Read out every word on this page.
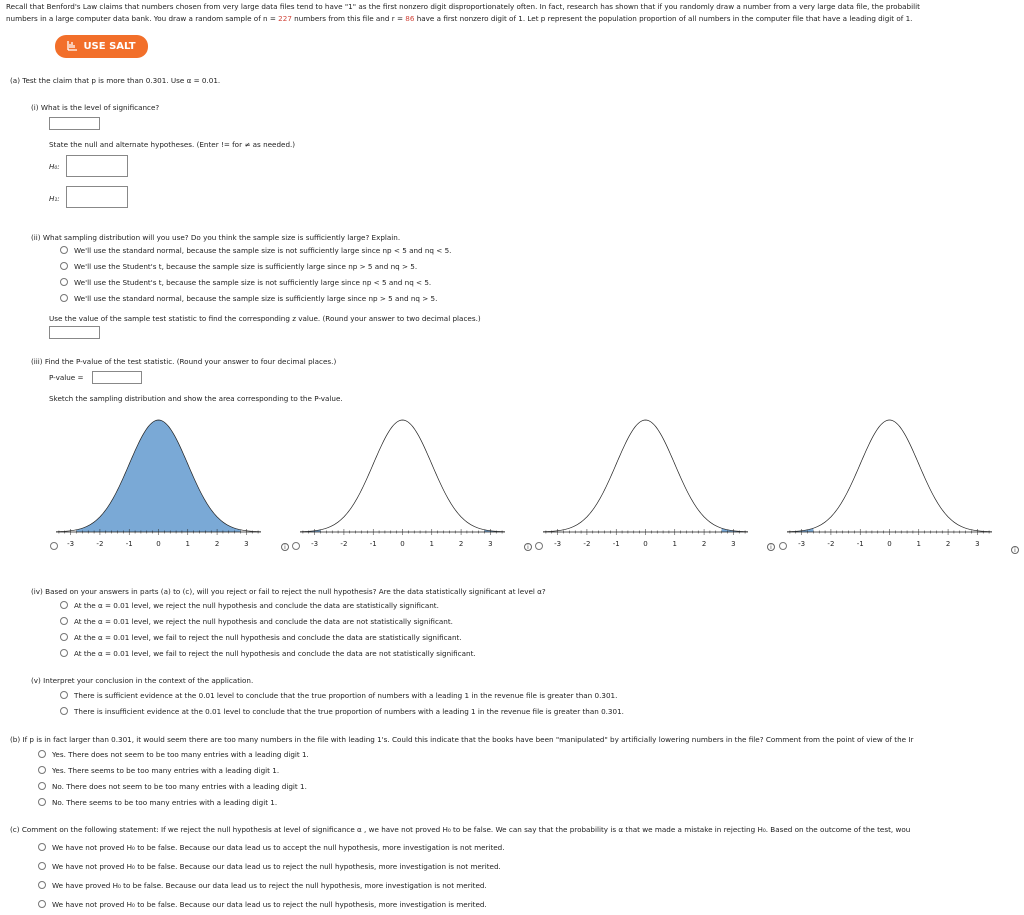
Recall that Benford's Law claims that numbers chosen from very large data files tend to have "1" as the first nonzero digit disproportionately often. In fact, research has shown that if you randomly draw a number from a very large data file, the probabilit
numbers in a large computer data bank. You draw a random sample of n = 227 numbers from this file and r = 86 have a first nonzero digit of 1. Let p represent the population proportion of all numbers in the computer file that have a leading digit of 1.
USE SALT
(a) Test the claim that p is more than 0.301. Use α = 0.01.
(i) What is the level of significance?
State the null and alternate hypotheses. (Enter != for ≠ as needed.)
H₀:
H₁:
(ii) What sampling distribution will you use? Do you think the sample size is sufficiently large? Explain.
We'll use the standard normal, because the sample size is not sufficiently large since np < 5 and nq < 5.
We'll use the Student's t, because the sample size is sufficiently large since np > 5 and nq > 5.
We'll use the Student's t, because the sample size is not sufficiently large since np < 5 and nq < 5.
We'll use the standard normal, because the sample size is sufficiently large since np > 5 and nq > 5.
Use the value of the sample test statistic to find the corresponding z value. (Round your answer to two decimal places.)
(iii) Find the P-value of the test statistic. (Round your answer to four decimal places.)
P-value =
Sketch the sampling distribution and show the area corresponding to the P-value.
-3	-2	-1	0	1	2	3	-3	-2	-1	0	1	2	3	-3	-2	-1	0	1	2	3	-3	-2	-1	0	1	2	3
i	i	i	i
(iv) Based on your answers in parts (a) to (c), will you reject or fail to reject the null hypothesis? Are the data statistically significant at level α?
At the α = 0.01 level, we reject the null hypothesis and conclude the data are statistically significant.
At the α = 0.01 level, we reject the null hypothesis and conclude the data are not statistically significant.
At the α = 0.01 level, we fail to reject the null hypothesis and conclude the data are statistically significant.
At the α = 0.01 level, we fail to reject the null hypothesis and conclude the data are not statistically significant.
(v) Interpret your conclusion in the context of the application.
There is sufficient evidence at the 0.01 level to conclude that the true proportion of numbers with a leading 1 in the revenue file is greater than 0.301.
There is insufficient evidence at the 0.01 level to conclude that the true proportion of numbers with a leading 1 in the revenue file is greater than 0.301.
(b) If p is in fact larger than 0.301, it would seem there are too many numbers in the file with leading 1's. Could this indicate that the books have been "manipulated" by artificially lowering numbers in the file? Comment from the point of view of the Ir
Yes. There does not seem to be too many entries with a leading digit 1.
Yes. There seems to be too many entries with a leading digit 1.
No. There does not seem to be too many entries with a leading digit 1.
No. There seems to be too many entries with a leading digit 1.
(c) Comment on the following statement: If we reject the null hypothesis at level of significance α , we have not proved H₀ to be false. We can say that the probability is α that we made a mistake in rejecting H₀. Based on the outcome of the test, wou
We have not proved H₀ to be false. Because our data lead us to accept the null hypothesis, more investigation is not merited.
We have not proved H₀ to be false. Because our data lead us to reject the null hypothesis, more investigation is not merited.
We have proved H₀ to be false. Because our data lead us to reject the null hypothesis, more investigation is not merited.
We have not proved H₀ to be false. Because our data lead us to reject the null hypothesis, more investigation is merited.
